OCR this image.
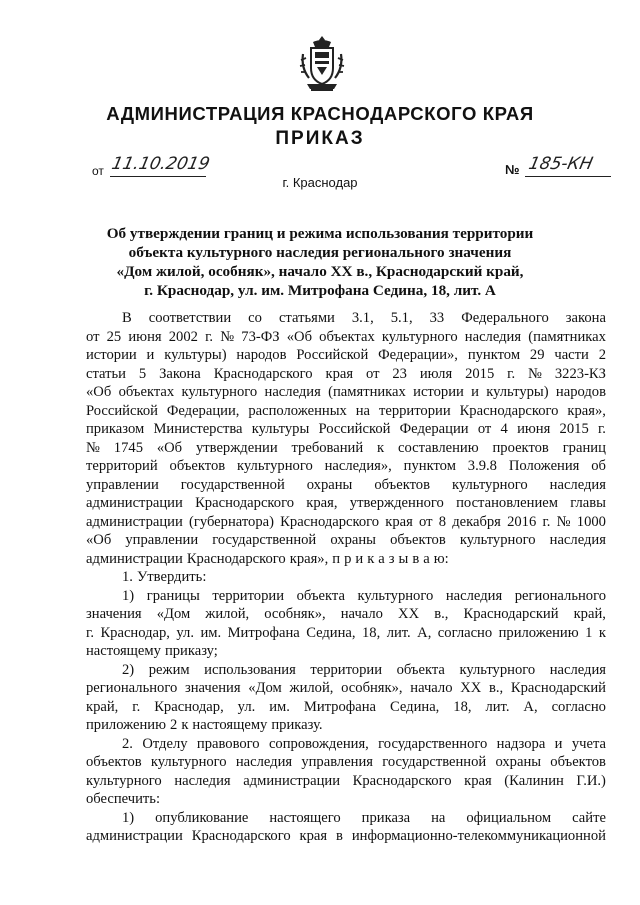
АДМИНИСТРАЦИЯ КРАСНОДАРСКОГО КРАЯ
ПРИКАЗ
от 11.10.2019	№ 185-КН
г. Краснодар
Об утверждении границ и режима использования территории
объекта культурного наследия регионального значения
«Дом жилой, особняк», начало XX в., Краснодарский край,
г. Краснодар, ул. им. Митрофана Седина, 18, лит. А
В соответствии со статьями 3.1, 5.1, 33 Федерального закона
от 25 июня 2002 г. № 73-ФЗ «Об объектах культурного наследия (памятниках
истории и культуры) народов Российской Федерации», пунктом 29 части 2
статьи 5 Закона Краснодарского края от 23 июля 2015 г. № 3223-КЗ
«Об объектах культурного наследия (памятниках истории и культуры) народов
Российской Федерации, расположенных на территории Краснодарского края»,
приказом Министерства культуры Российской Федерации от 4 июня 2015 г.
№ 1745 «Об утверждении требований к составлению проектов границ
территорий объектов культурного наследия», пунктом 3.9.8 Положения об
управлении государственной охраны объектов культурного наследия
администрации Краснодарского края, утвержденного постановлением главы
администрации (губернатора) Краснодарского края от 8 декабря 2016 г. № 1000
«Об управлении государственной охраны объектов культурного наследия
администрации Краснодарского края», п р и к а з ы в а ю:
1. Утвердить:
1) границы территории объекта культурного наследия регионального
значения «Дом жилой, особняк», начало XX в., Краснодарский край,
г. Краснодар, ул. им. Митрофана Седина, 18, лит. А, согласно приложению 1 к
настоящему приказу;
2) режим использования территории объекта культурного наследия
регионального значения «Дом жилой, особняк», начало XX в., Краснодарский
край, г. Краснодар, ул. им. Митрофана Седина, 18, лит. А, согласно
приложению 2 к настоящему приказу.
2. Отделу правового сопровождения, государственного надзора и учета
объектов культурного наследия управления государственной охраны объектов
культурного наследия администрации Краснодарского края (Калинин Г.И.)
обеспечить:
1) опубликование настоящего приказа на официальном сайте
администрации Краснодарского края в информационно-телекоммуникационной
